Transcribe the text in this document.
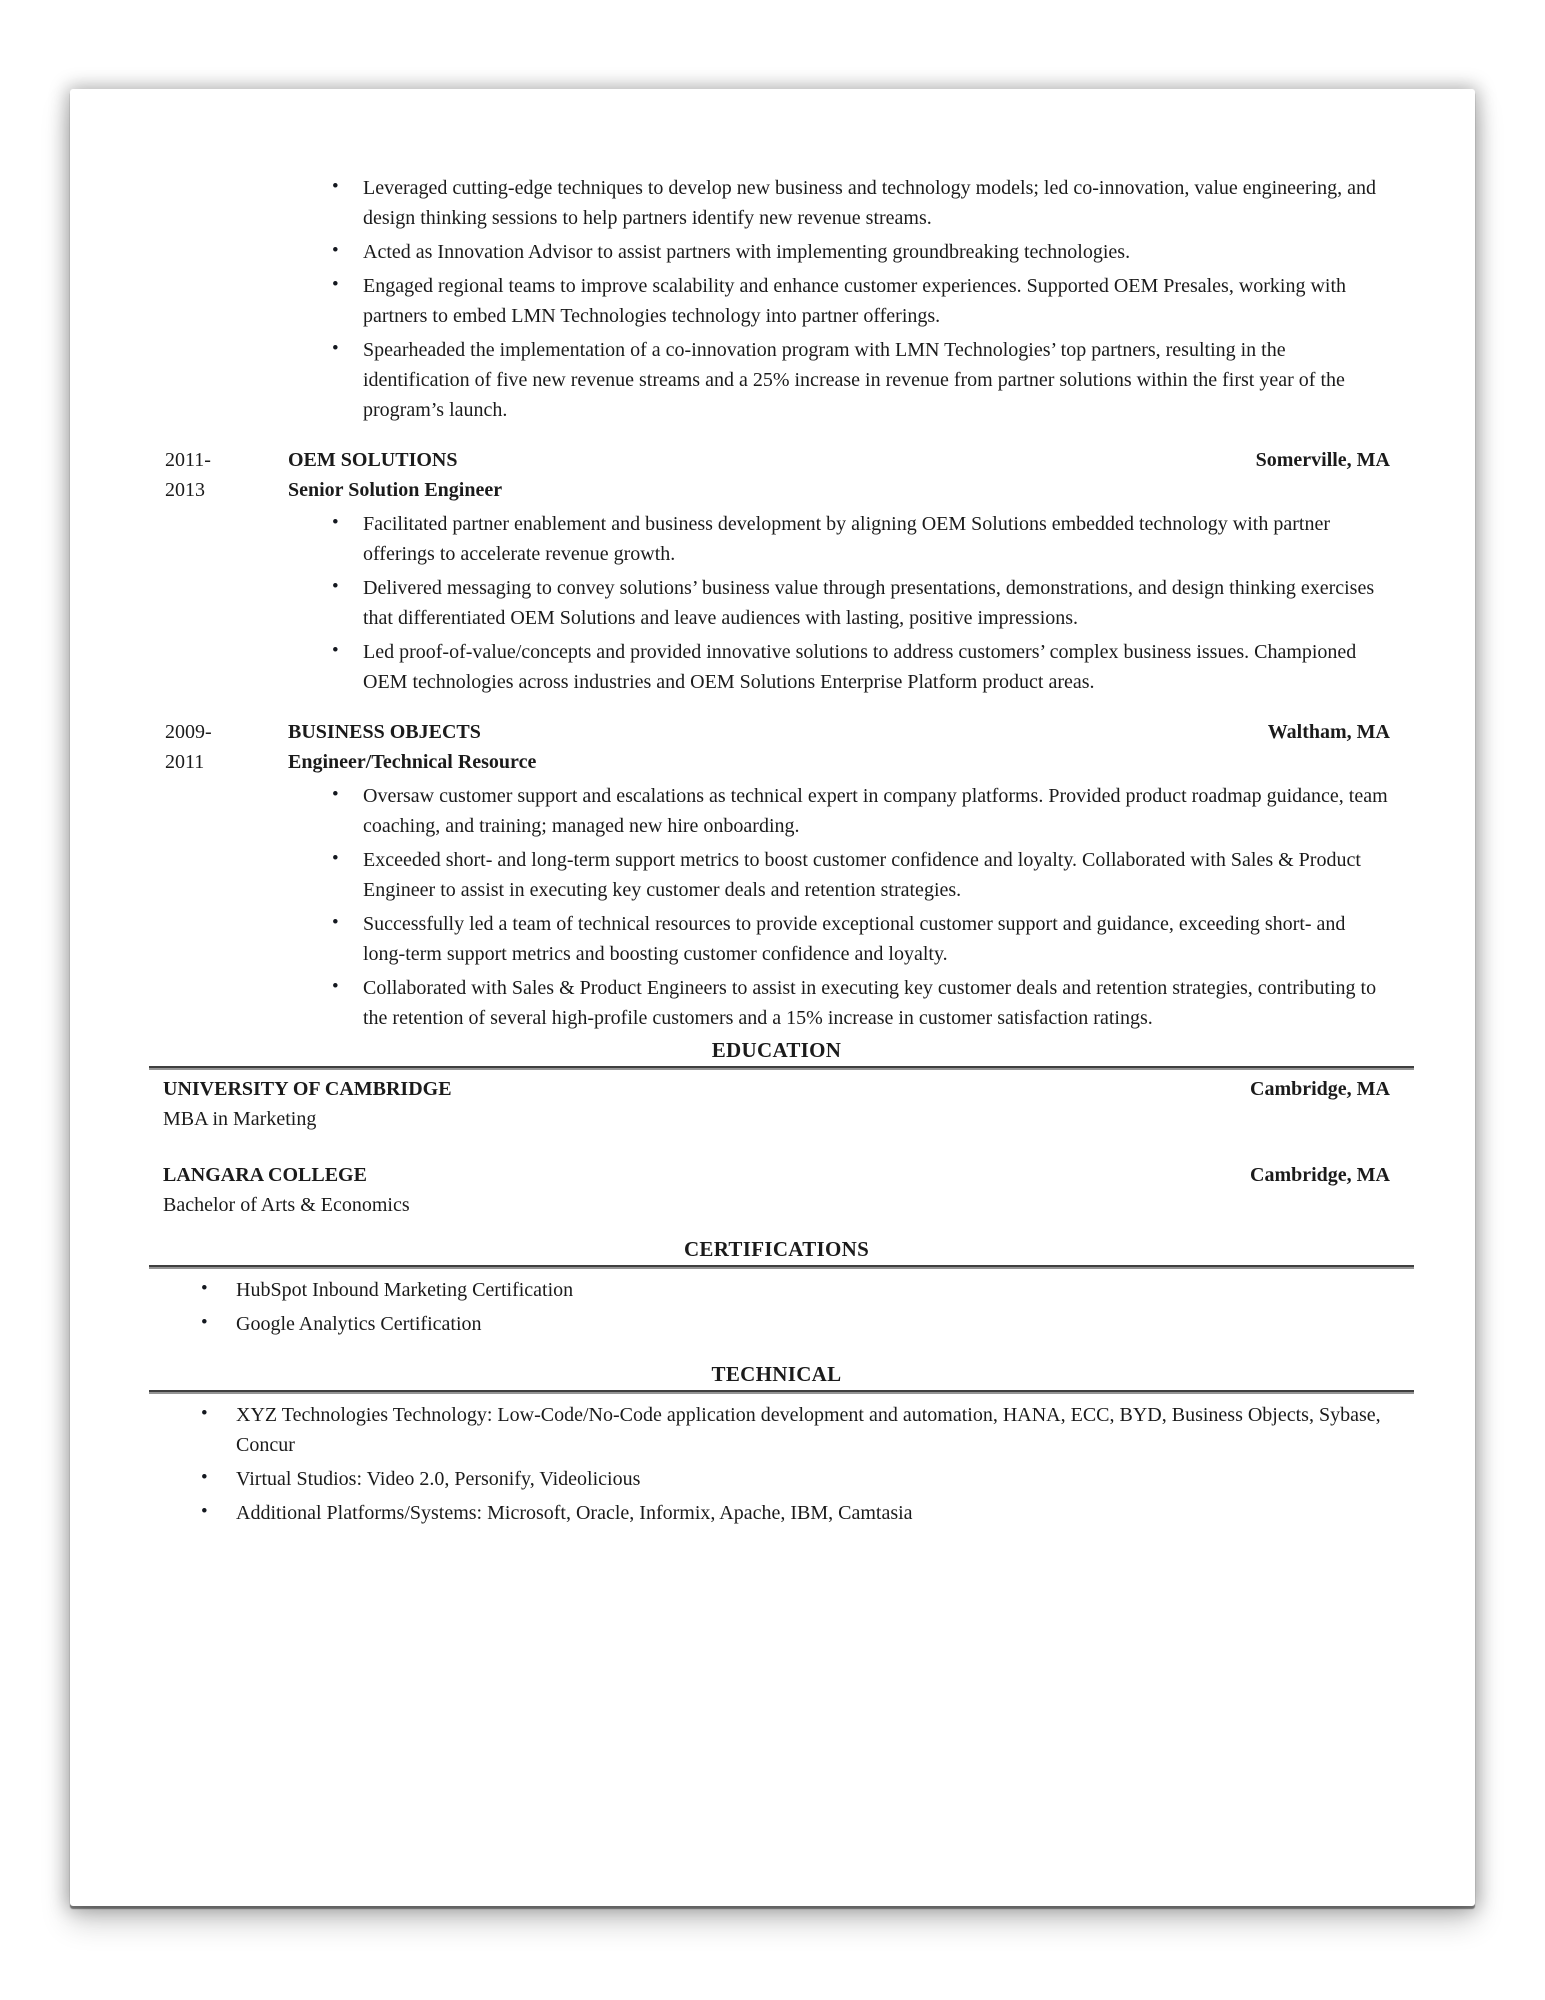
• Leveraged cutting-edge techniques to develop new business and technology models; led co-innovation, value engineering, and design thinking sessions to help partners identify new revenue streams.
• Acted as Innovation Advisor to assist partners with implementing groundbreaking technologies.
• Engaged regional teams to improve scalability and enhance customer experiences. Supported OEM Presales, working with partners to embed LMN Technologies technology into partner offerings.
• Spearheaded the implementation of a co-innovation program with LMN Technologies’ top partners, resulting in the identification of five new revenue streams and a 25% increase in revenue from partner solutions within the first year of the program’s launch.
2011-
2013
OEM SOLUTIONS	Somerville, MA
Senior Solution Engineer
• Facilitated partner enablement and business development by aligning OEM Solutions embedded technology with partner offerings to accelerate revenue growth.
• Delivered messaging to convey solutions’ business value through presentations, demonstrations, and design thinking exercises that differentiated OEM Solutions and leave audiences with lasting, positive impressions.
• Led proof-of-value/concepts and provided innovative solutions to address customers’ complex business issues. Championed OEM technologies across industries and OEM Solutions Enterprise Platform product areas.
2009-
2011
BUSINESS OBJECTS	Waltham, MA
Engineer/Technical Resource
• Oversaw customer support and escalations as technical expert in company platforms. Provided product roadmap guidance, team coaching, and training; managed new hire onboarding.
• Exceeded short- and long-term support metrics to boost customer confidence and loyalty. Collaborated with Sales & Product Engineer to assist in executing key customer deals and retention strategies.
• Successfully led a team of technical resources to provide exceptional customer support and guidance, exceeding short- and long-term support metrics and boosting customer confidence and loyalty.
• Collaborated with Sales & Product Engineers to assist in executing key customer deals and retention strategies, contributing to the retention of several high-profile customers and a 15% increase in customer satisfaction ratings.
EDUCATION
UNIVERSITY OF CAMBRIDGE	Cambridge, MA
MBA in Marketing
LANGARA COLLEGE	Cambridge, MA
Bachelor of Arts & Economics
CERTIFICATIONS
• HubSpot Inbound Marketing Certification
• Google Analytics Certification
TECHNICAL
• XYZ Technologies Technology: Low-Code/No-Code application development and automation, HANA, ECC, BYD, Business Objects, Sybase, Concur
• Virtual Studios: Video 2.0, Personify, Videolicious
• Additional Platforms/Systems: Microsoft, Oracle, Informix, Apache, IBM, Camtasia
